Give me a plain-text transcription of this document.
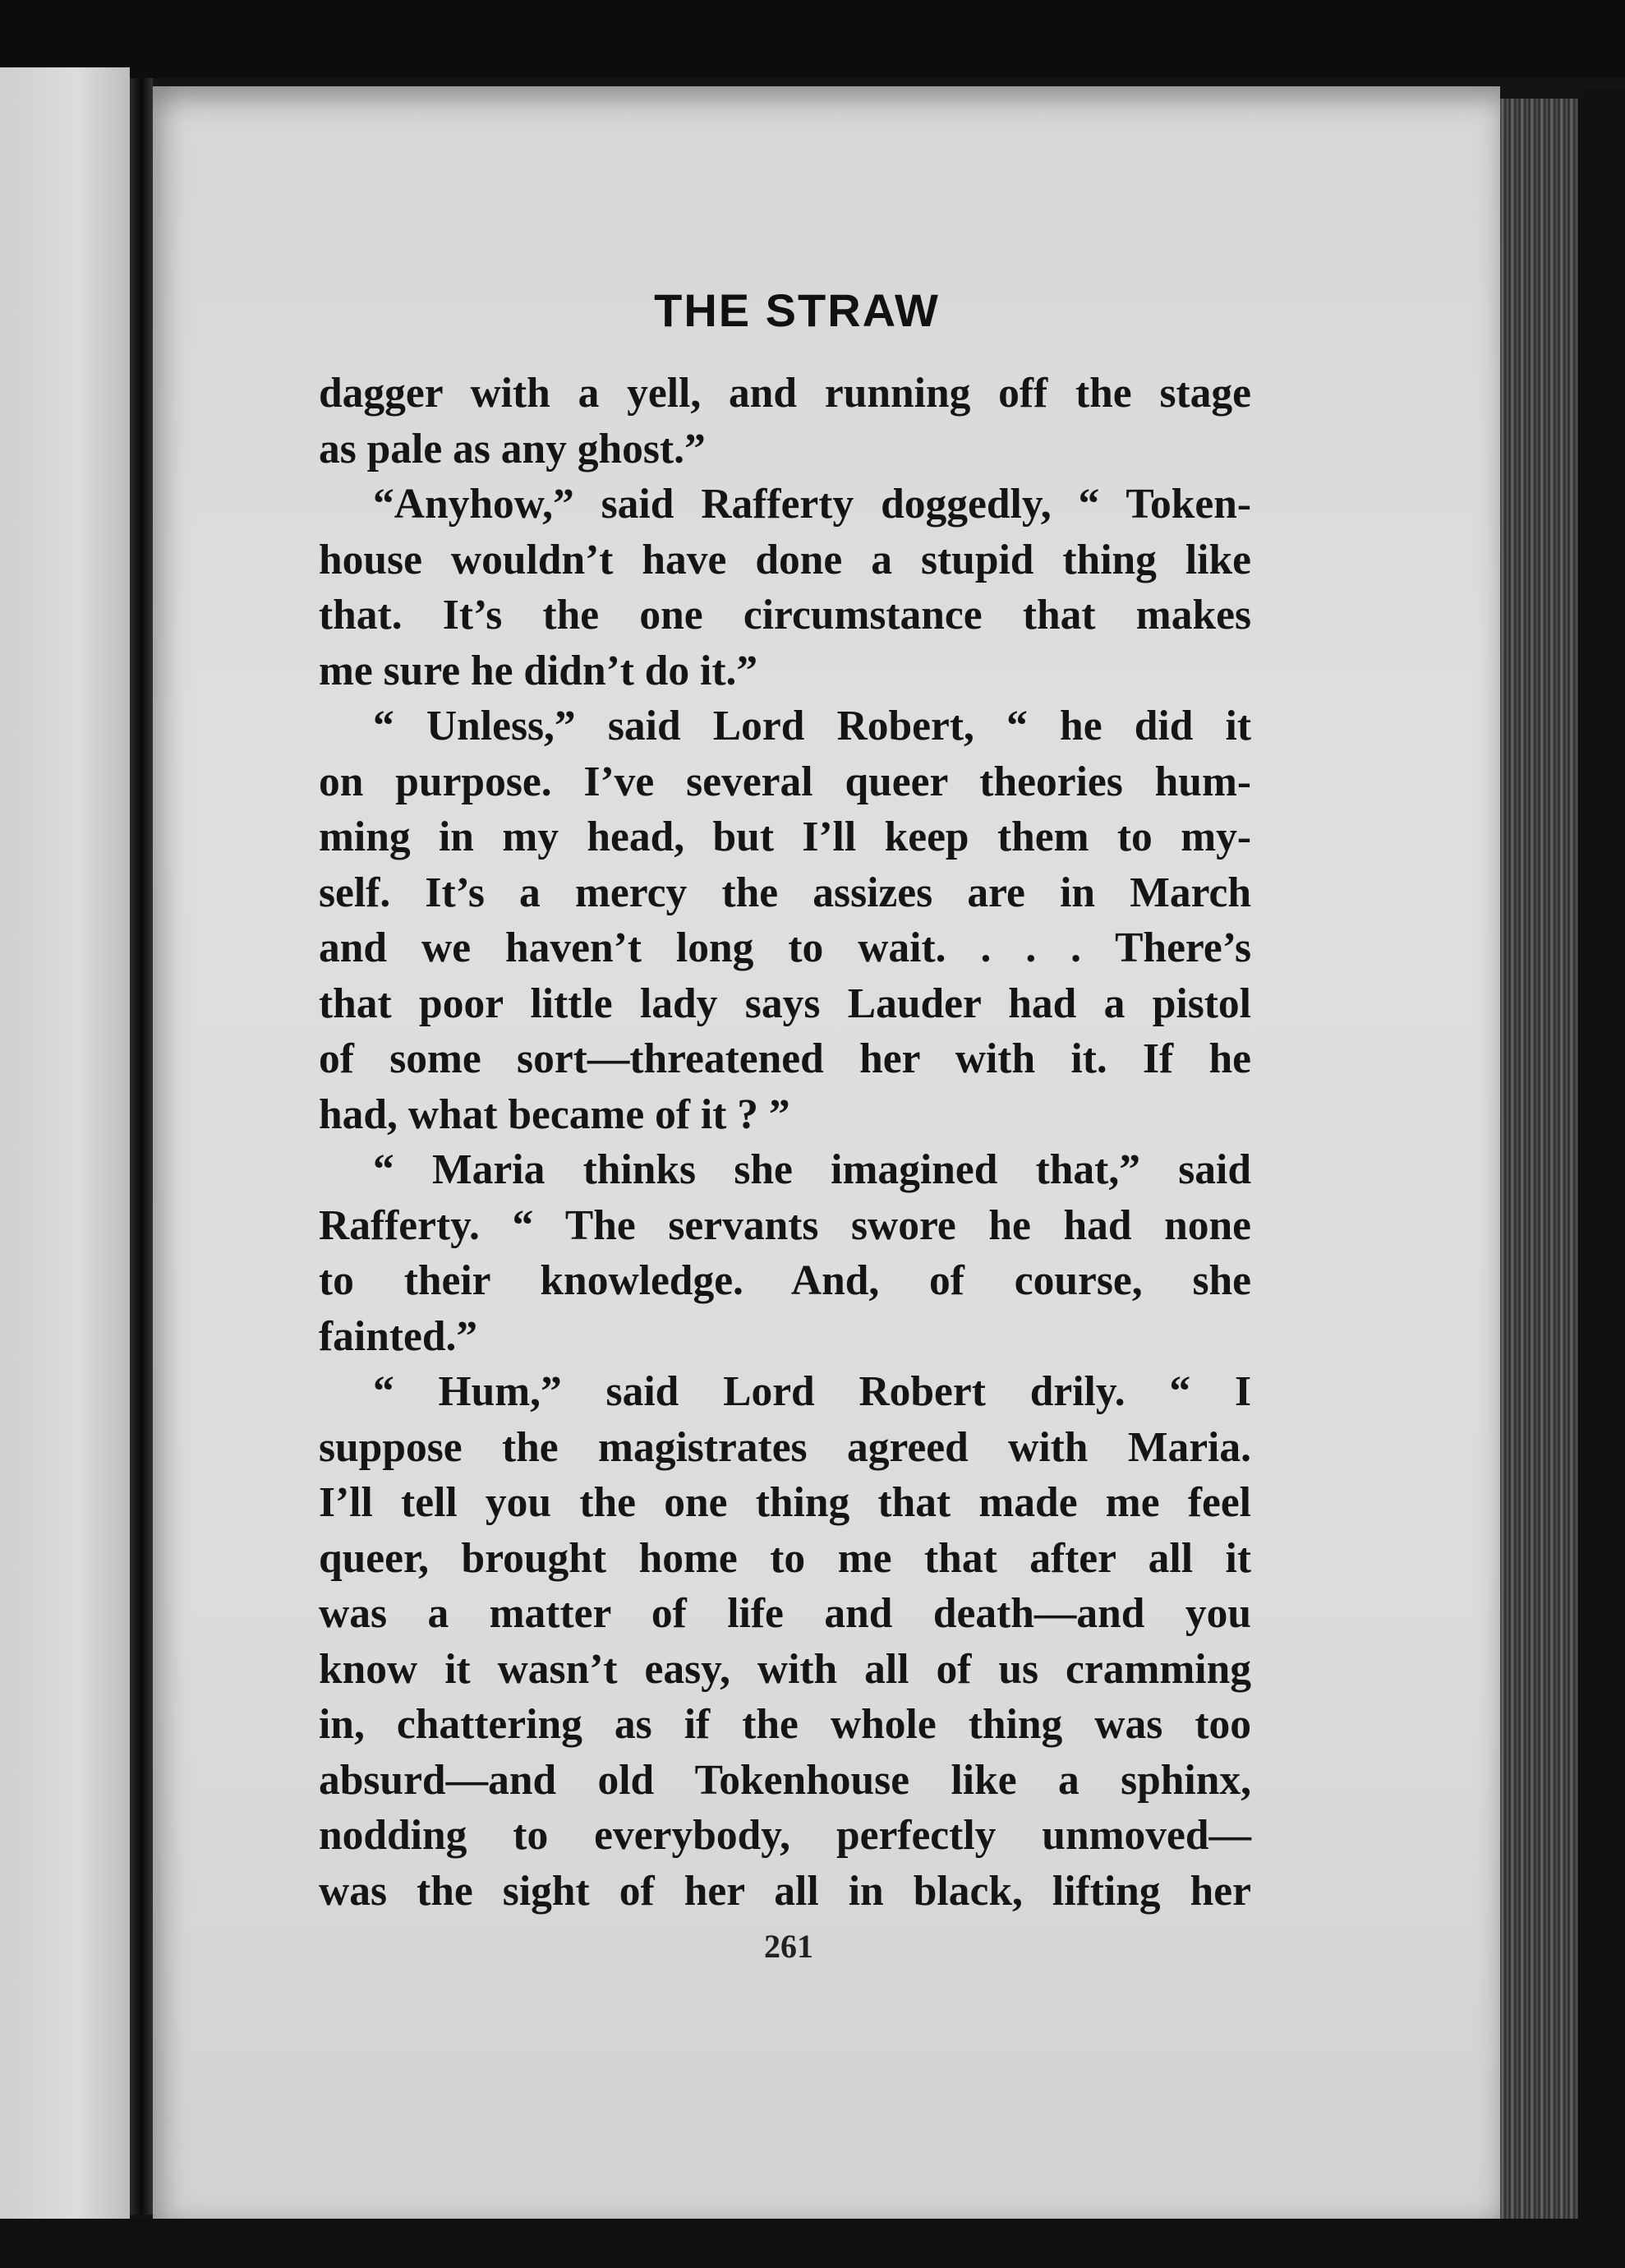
THE STRAW
dagger with a yell, and running off the stage
as pale as any ghost.”
“Anyhow,” said Rafferty doggedly, “ Token-
house wouldn’t have done a stupid thing like
that. It’s the one circumstance that makes
me sure he didn’t do it.”
“ Unless,” said Lord Robert, “ he did it
on purpose. I’ve several queer theories hum-
ming in my head, but I’ll keep them to my-
self. It’s a mercy the assizes are in March
and we haven’t long to wait. . . . There’s
that poor little lady says Lauder had a pistol
of some sort—threatened her with it. If he
had, what became of it ? ”
“ Maria thinks she imagined that,” said
Rafferty. “ The servants swore he had none
to their knowledge. And, of course, she
fainted.”
“ Hum,” said Lord Robert drily. “ I
suppose the magistrates agreed with Maria.
I’ll tell you the one thing that made me feel
queer, brought home to me that after all it
was a matter of life and death—and you
know it wasn’t easy, with all of us cramming
in, chattering as if the whole thing was too
absurd—and old Tokenhouse like a sphinx,
nodding to everybody, perfectly unmoved—
was the sight of her all in black, lifting her
261
